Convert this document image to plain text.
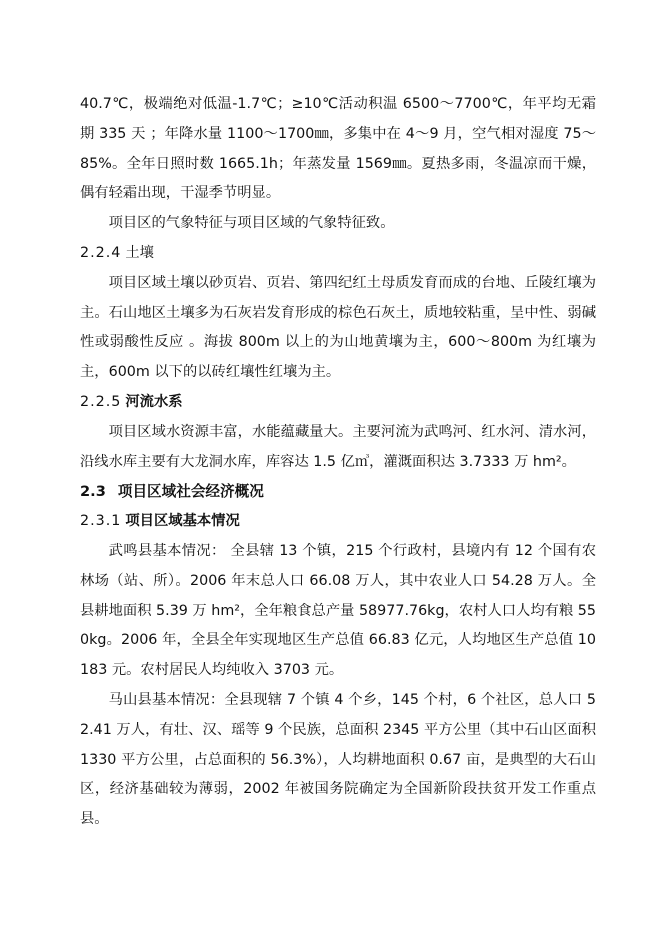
40.7℃，极端绝对低温-1.7℃；≥10℃活动积温 6500～7700℃，年平均无霜期 335 天 ；年降水量 1100～1700㎜，多集中在 4～9 月，空气相对湿度 75～85%。全年日照时数 1665.1h；年蒸发量 1569㎜。夏热多雨，冬温凉而干燥，偶有轻霜出现，干湿季节明显。

项目区的气象特征与项目区域的气象特征致。

2.2.4 土壤

项目区域土壤以砂页岩、页岩、第四纪红土母质发育而成的台地、丘陵红壤为主。石山地区土壤多为石灰岩发育形成的棕色石灰土，质地较粘重，呈中性、弱碱性或弱酸性反应 。海拔 800m 以上的为山地黄壤为主，600～800m 为红壤为主，600m 以下的以砖红壤性红壤为主。

2.2.5 河流水系

项目区域水资源丰富，水能蕴藏量大。主要河流为武鸣河、红水河、清水河，沿线水库主要有大龙洞水库，库容达 1.5 亿㎥，灌溉面积达 3.7333 万 hm²。

2.3 项目区域社会经济概况
2.3.1 项目区域基本情况

武鸣县基本情况： 全县辖 13 个镇，215 个行政村，县境内有 12 个国有农林场（站、所）。2006 年末总人口 66.08 万人，其中农业人口 54.28 万人。全县耕地面积 5.39 万 hm²，全年粮食总产量 58977.76kg，农村人口人均有粮 550kg。2006 年，全县全年实现地区生产总值 66.83 亿元，人均地区生产总值 10183 元。农村居民人均纯收入 3703 元。

马山县基本情况：全县现辖 7 个镇 4 个乡，145 个村，6 个社区，总人口 52.41 万人，有壮、汉、瑶等 9 个民族，总面积 2345 平方公里（其中石山区面积 1330 平方公里，占总面积的 56.3%），人均耕地面积 0.67 亩，是典型的大石山区，经济基础较为薄弱，2002 年被国务院确定为全国新阶段扶贫开发工作重点县。
